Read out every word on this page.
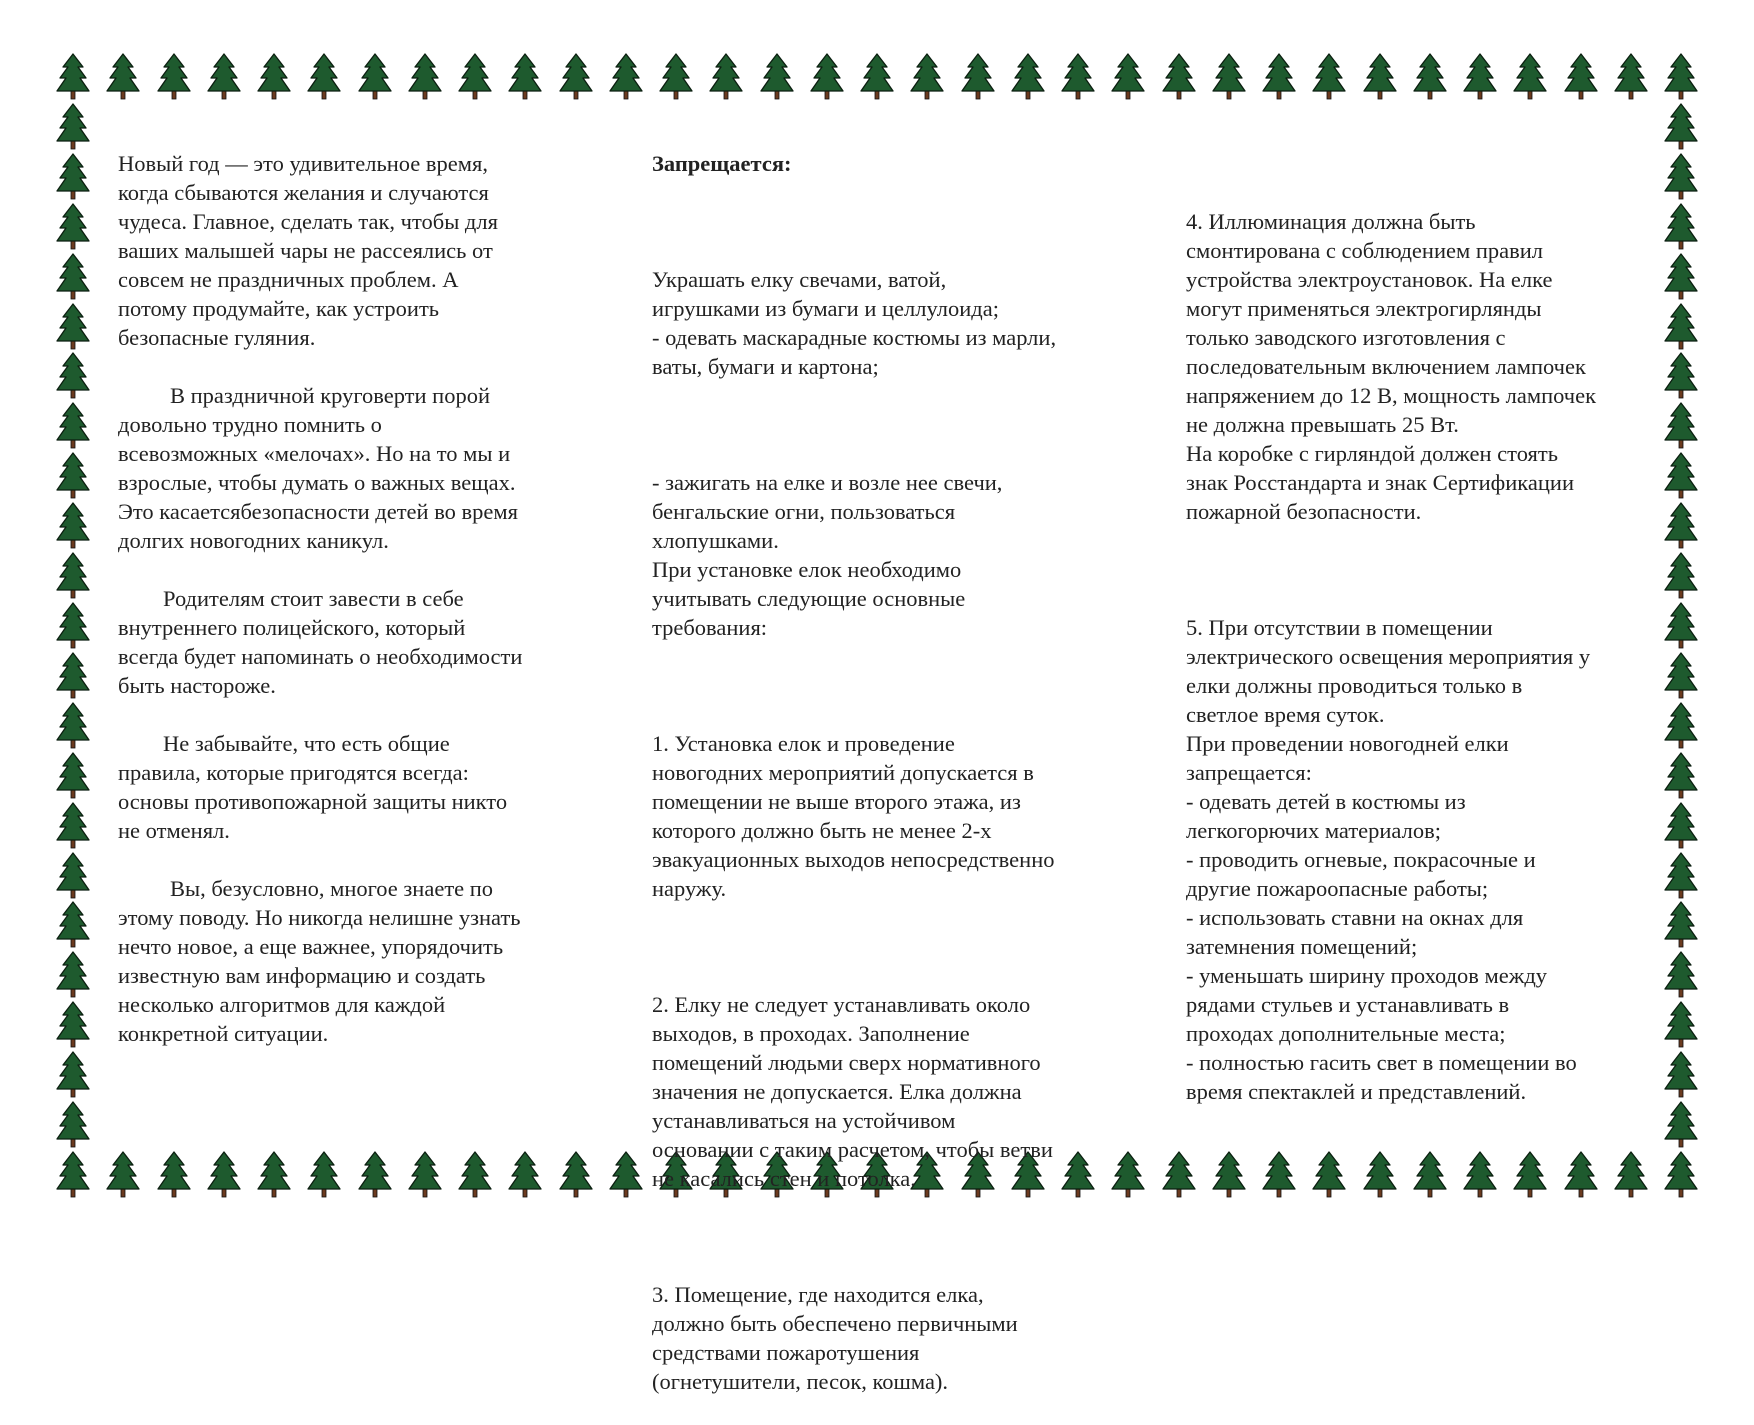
Новый год — это удивительное время,
когда сбываются желания и случаются
чудеса. Главное, сделать так, чтобы для
ваших малышей чары не рассеялись от
совсем не праздничных проблем. А
потому продумайте, как устроить
безопасные гуляния.

В праздничной круговерти порой
довольно трудно помнить о
всевозможных «мелочах». Но на то мы и
взрослые, чтобы думать о важных вещах.
Это касаетсябезопасности детей во время
долгих новогодних каникул.

Родителям стоит завести в себе
внутреннего полицейского, который
всегда будет напоминать о необходимости
быть настороже.

Не забывайте, что есть общие
правила, которые пригодятся всегда:
основы противопожарной защиты никто
не отменял.

Вы, безусловно, многое знаете по
этому поводу. Но никогда нелишне узнать
нечто новое, а еще важнее, упорядочить
известную вам информацию и создать
несколько алгоритмов для каждой
конкретной ситуации.

Запрещается:

Украшать елку свечами, ватой,
игрушками из бумаги и целлулоида;
- одевать маскарадные костюмы из марли,
ваты, бумаги и картона;

- зажигать на елке и возле нее свечи,
бенгальские огни, пользоваться
хлопушками.
При установке елок необходимо
учитывать следующие основные
требования:

1. Установка елок и проведение
новогодних мероприятий допускается в
помещении не выше второго этажа, из
которого должно быть не менее 2-х
эвакуационных выходов непосредственно
наружу.

2. Елку не следует устанавливать около
выходов, в проходах. Заполнение
помещений людьми сверх нормативного
значения не допускается. Елка должна
устанавливаться на устойчивом
основании с таким расчетом, чтобы ветви
не касались стен и потолка.

3. Помещение, где находится елка,
должно быть обеспечено первичными
средствами пожаротушения
(огнетушители, песок, кошма).

4. Иллюминация должна быть
смонтирована с соблюдением правил
устройства электроустановок. На елке
могут применяться электрогирлянды
только заводского изготовления с
последовательным включением лампочек
напряжением до 12 В, мощность лампочек
не должна превышать 25 Вт.
На коробке с гирляндой должен стоять
знак Росстандарта и знак Сертификации
пожарной безопасности.

5. При отсутствии в помещении
электрического освещения мероприятия у
елки должны проводиться только в
светлое время суток.
При проведении новогодней елки
запрещается:
- одевать детей в костюмы из
легкогорючих материалов;
- проводить огневые, покрасочные и
другие пожароопасные работы;
- использовать ставни на окнах для
затемнения помещений;
- уменьшать ширину проходов между
рядами стульев и устанавливать в
проходах дополнительные места;
- полностью гасить свет в помещении во
время спектаклей и представлений.
